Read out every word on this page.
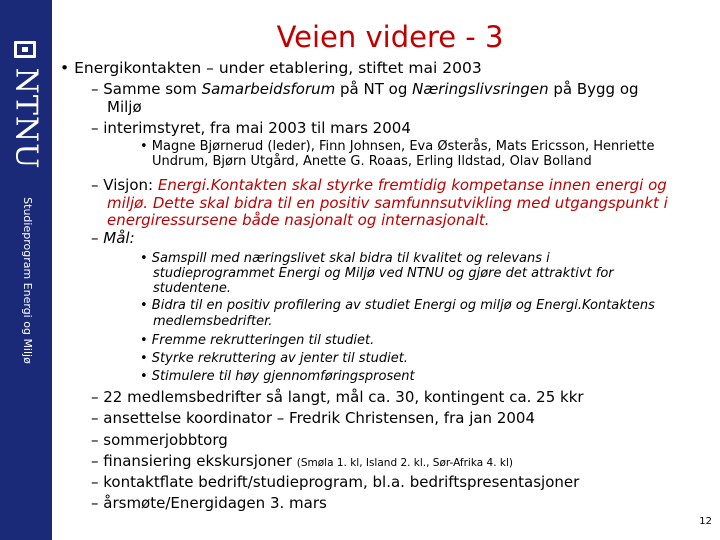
NTNU
Studieprogram Energi og Miljø
Veien videre - 3
• Energikontakten – under etablering, stiftet mai 2003
– Samme som Samarbeidsforum på NT og Næringslivsringen på Bygg og
Miljø
– interimstyret, fra mai 2003 til mars 2004
• Magne Bjørnerud (leder), Finn Johnsen, Eva Østerås, Mats Ericsson, Henriette
Undrum, Bjørn Utgård, Anette G. Roaas, Erling Ildstad, Olav Bolland
– Visjon: Energi.Kontakten skal styrke fremtidig kompetanse innen energi og
miljø. Dette skal bidra til en positiv samfunnsutvikling med utgangspunkt i
energiressursene både nasjonalt og internasjonalt.
– Mål:
• Samspill med næringslivet skal bidra til kvalitet og relevans i
studieprogrammet Energi og Miljø ved NTNU og gjøre det attraktivt for
studentene.
• Bidra til en positiv profilering av studiet Energi og miljø og Energi.Kontaktens
medlemsbedrifter.
• Fremme rekrutteringen til studiet.
• Styrke rekruttering av jenter til studiet.
• Stimulere til høy gjennomføringsprosent
– 22 medlemsbedrifter så langt, mål ca. 30, kontingent ca. 25 kkr
– ansettelse koordinator – Fredrik Christensen, fra jan 2004
– sommerjobbtorg
– finansiering ekskursjoner (Smøla 1. kl, Island 2. kl., Sør-Afrika 4. kl)
– kontaktflate bedrift/studieprogram, bl.a. bedriftspresentasjoner
– årsmøte/Energidagen 3. mars
12
